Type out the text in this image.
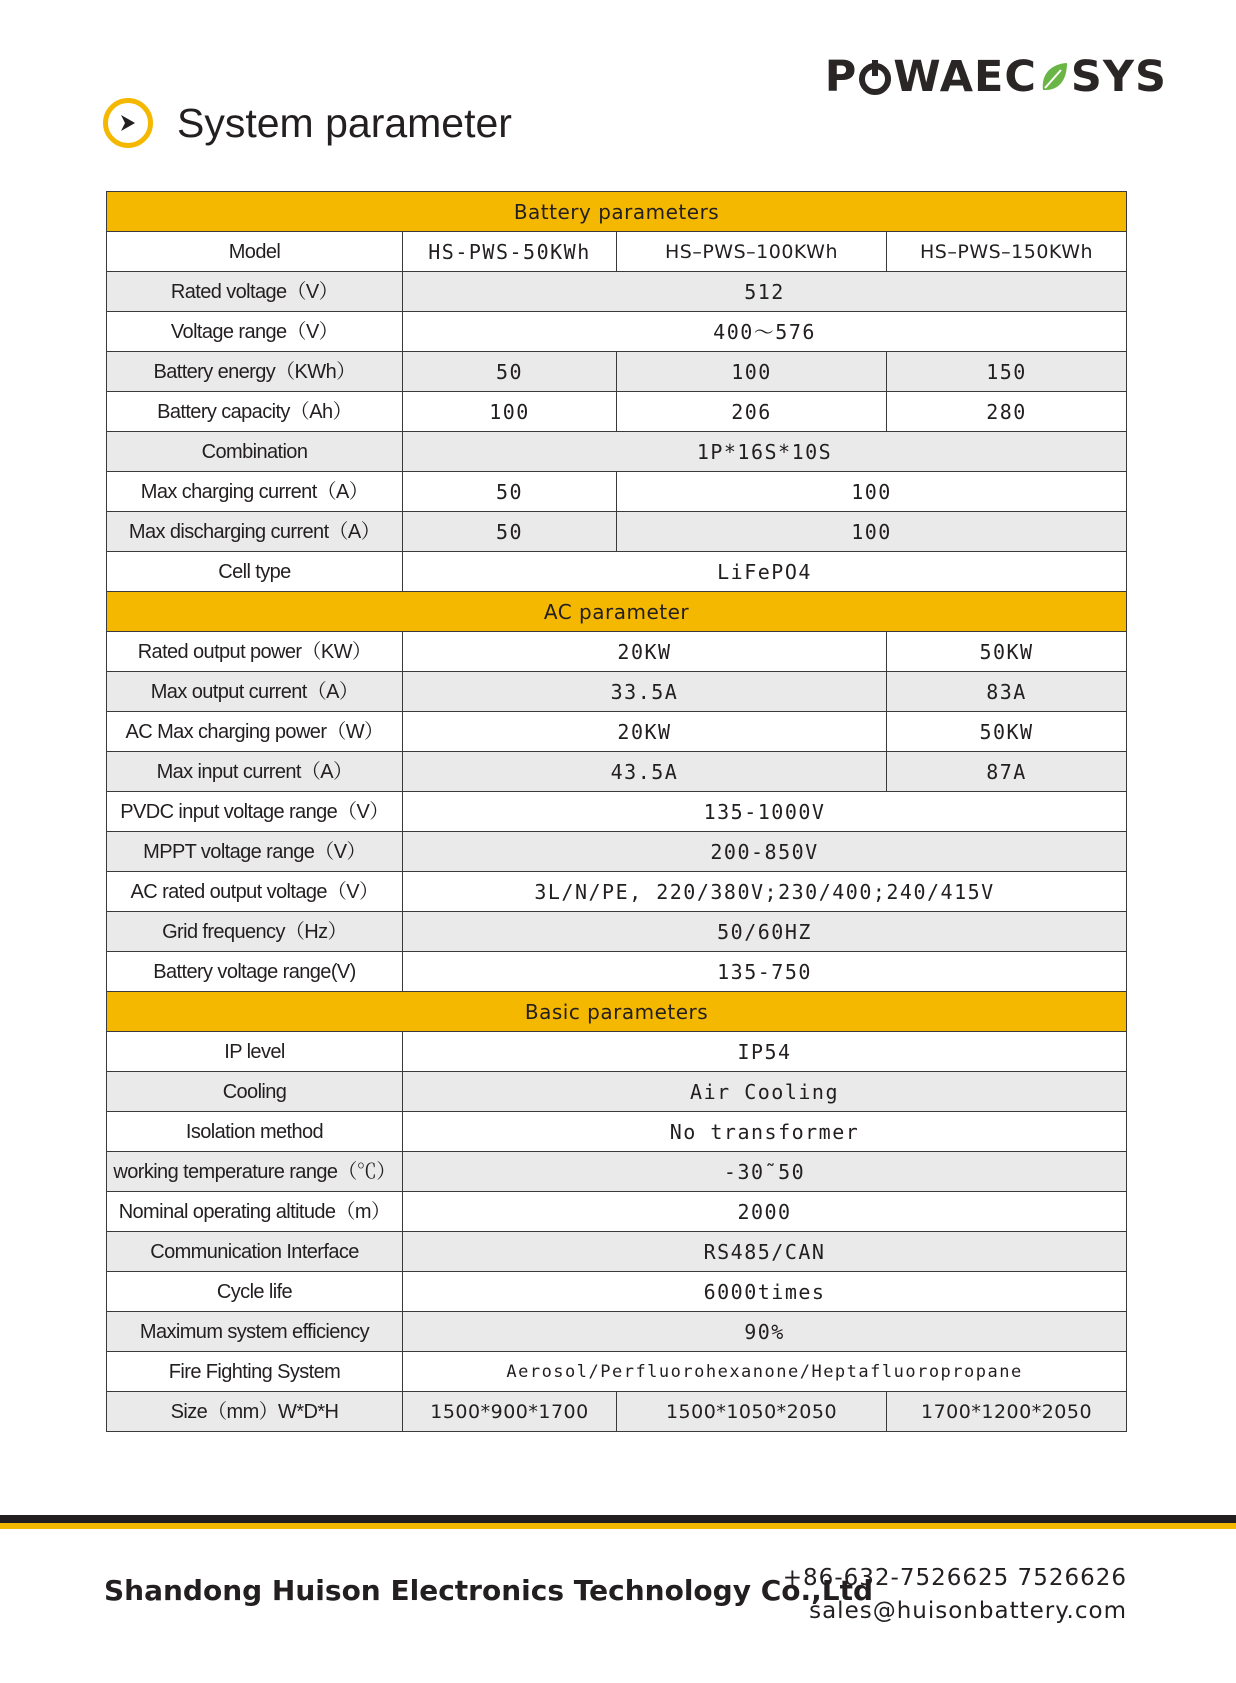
P WAEC SYS
System parameter
Battery parameters			
Model	HS-PWS-50KWh	HS–PWS–100KWh	HS–PWS–150KWh
Rated voltage（V）	512		
Voltage range（V）	400～576		
Battery energy（KWh）	50	100	150
Battery capacity（Ah）	100	206	280
Combination	1P*16S*10S		
Max charging current（A）	50	100	
Max discharging current（A）	50	100	
Cell type	LiFePO4		
AC parameter			
Rated output power（KW）	20KW		50KW
Max output current（A）	33.5A		83A
AC Max charging power（W）	20KW		50KW
Max input current（A）	43.5A		87A
PVDC input voltage range（V）	135-1000V		
MPPT voltage range（V）	200-850V		
AC rated output voltage（V）	3L/N/PE, 220/380V;230/400;240/415V		
Grid frequency（Hz）	50/60HZ		
Battery voltage range(V)	135-750		
Basic parameters			
IP level	IP54		
Cooling	Air Cooling		
Isolation method	No transformer		
working temperature range（℃）	-30˜50		
Nominal operating altitude（m）	2000		
Communication Interface	RS485/CAN		
Cycle life	6000times		
Maximum system efficiency	90%		
Fire Fighting System	Aerosol/Perfluorohexanone/Heptafluoropropane		
Size（mm）W*D*H	1500*900*1700	1500*1050*2050	1700*1200*2050
Shandong Huison Electronics Technology Co.,Ltd
+86-632-7526625 7526626
sales@huisonbattery.com
